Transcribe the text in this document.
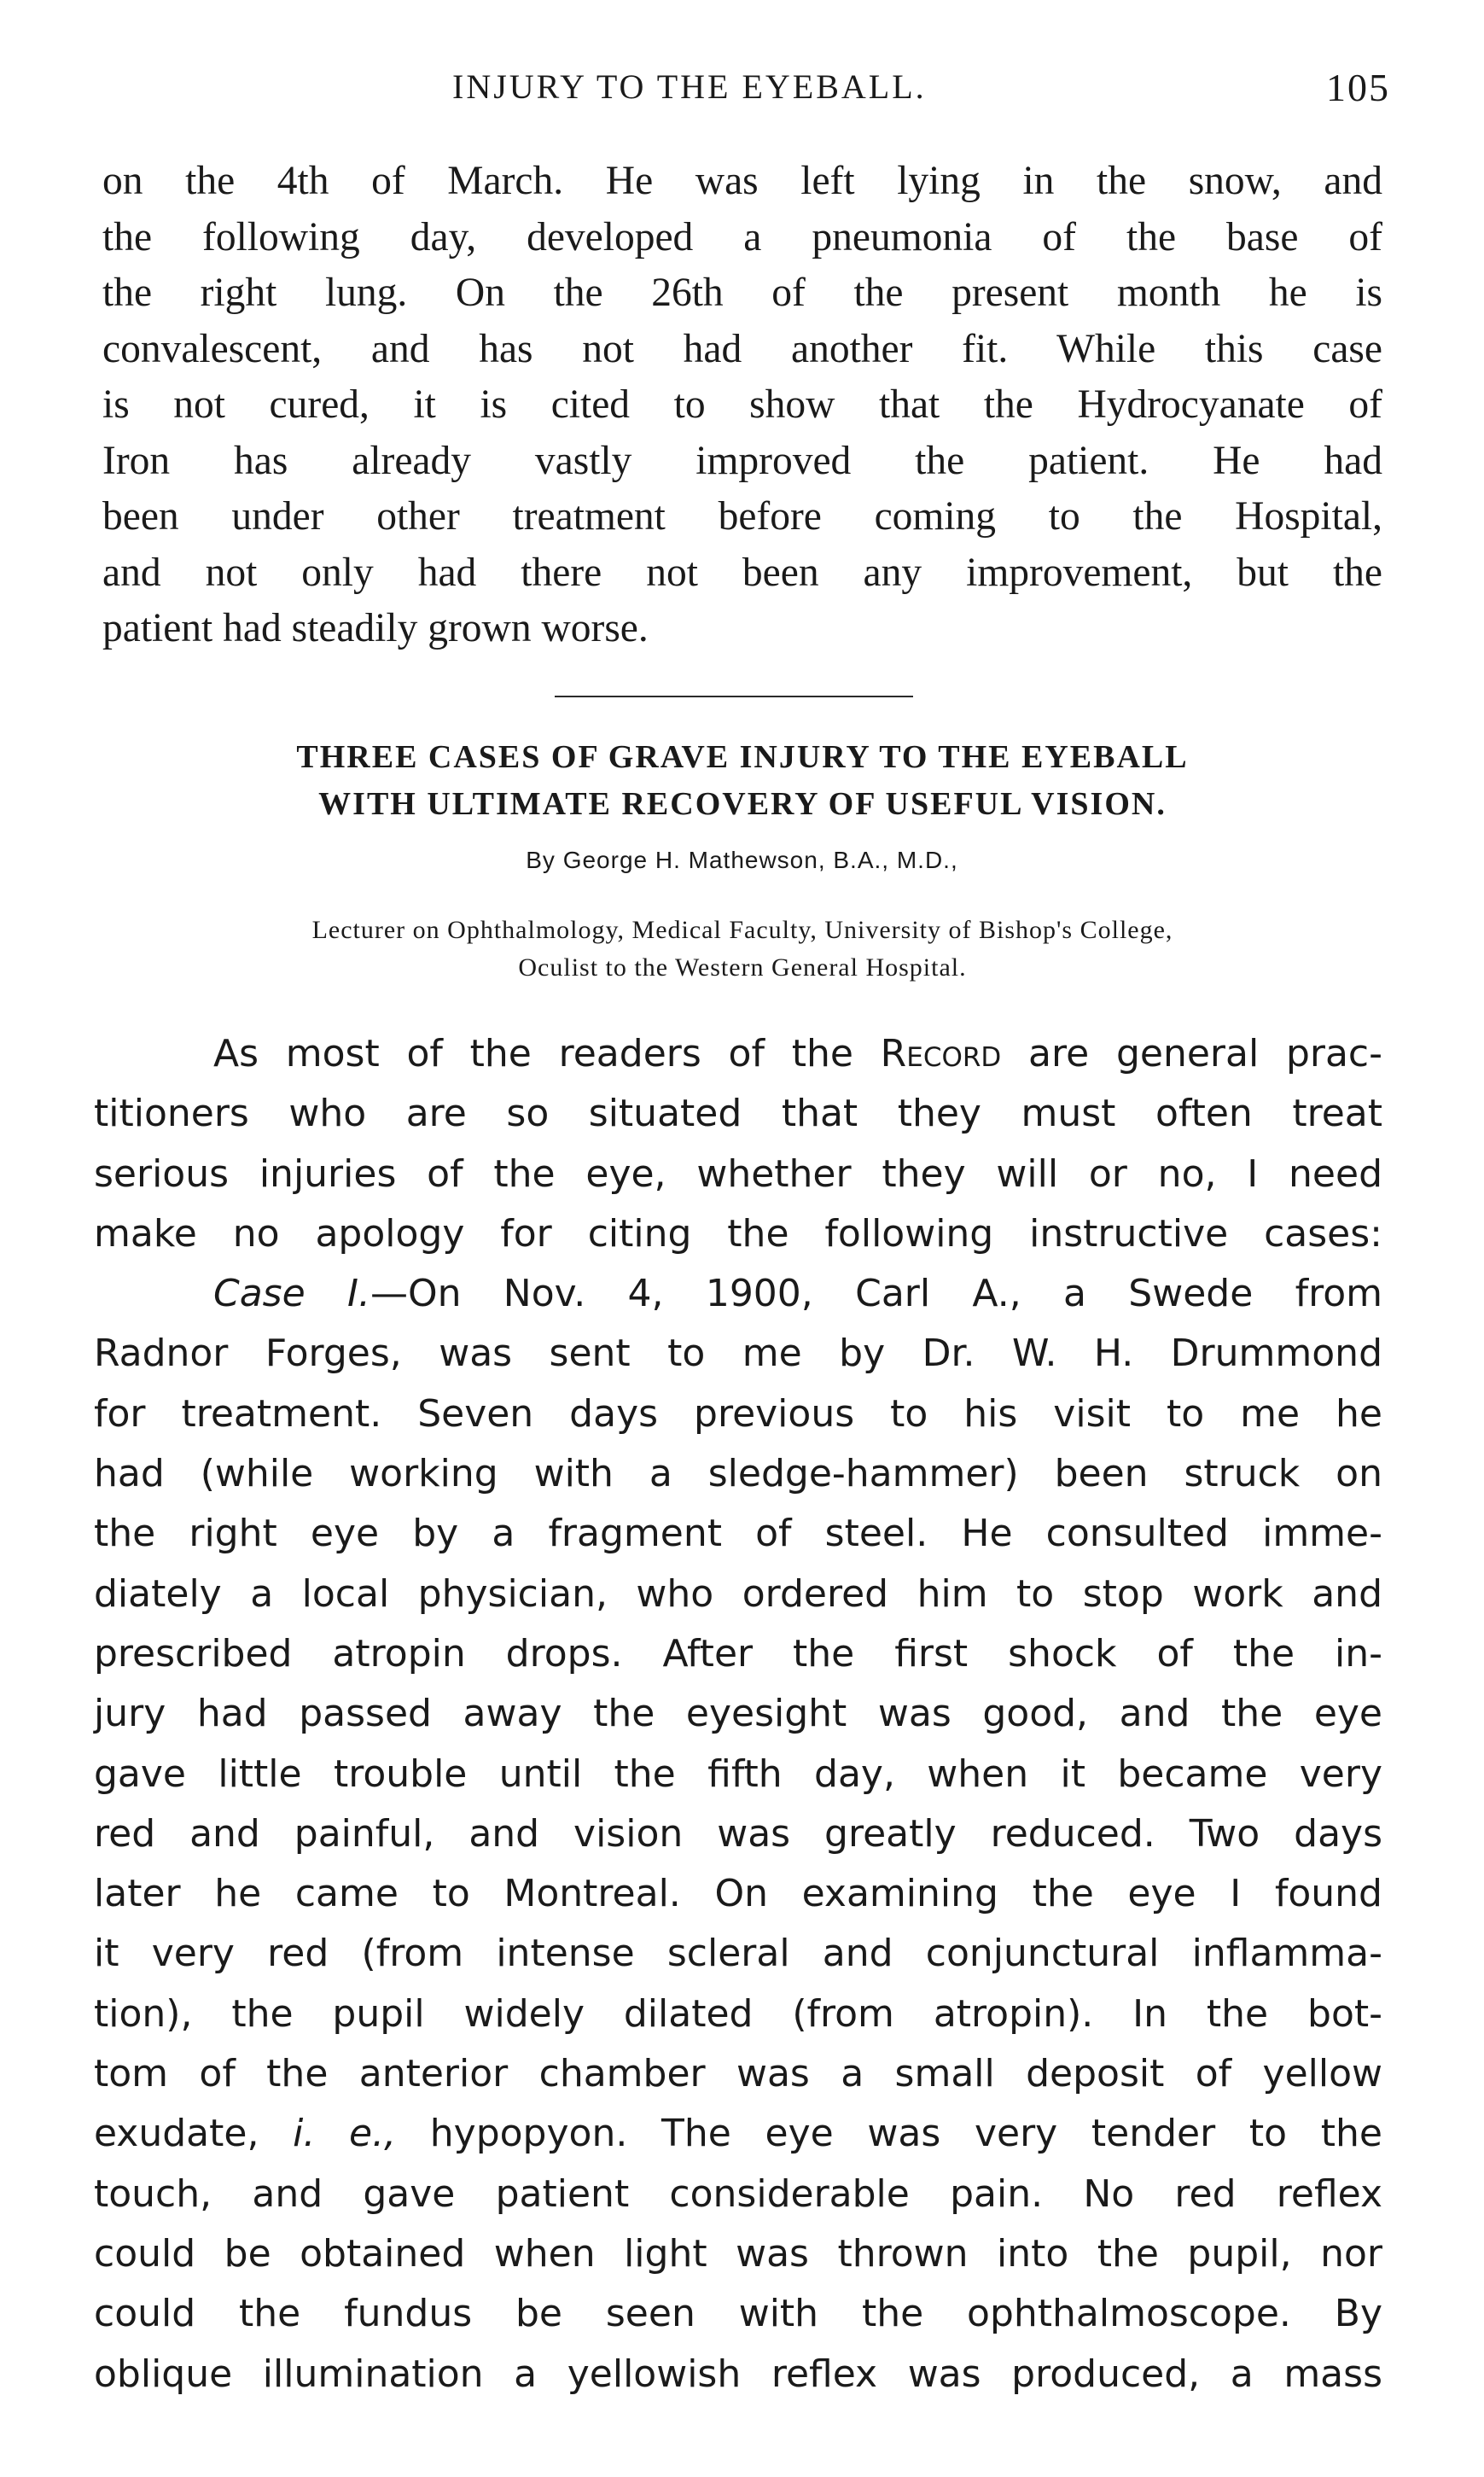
INJURY TO THE EYEBALL.	105
on the 4th of March. He was left lying in the snow, and
the following day, developed a pneumonia of the base of
the right lung. On the 26th of the present month he is
convalescent, and has not had another fit. While this case
is not cured, it is cited to show that the Hydrocyanate of
Iron has already vastly improved the patient. He had
been under other treatment before coming to the Hospital,
and not only had there not been any improvement, but the
patient had steadily grown worse.
THREE CASES OF GRAVE INJURY TO THE EYEBALL
WITH ULTIMATE RECOVERY OF USEFUL VISION.
By George H. Mathewson, B.A., M.D.,
Lecturer on Ophthalmology, Medical Faculty, University of Bishop's College,
Oculist to the Western General Hospital.
As most of the readers of the Record are general prac-
titioners who are so situated that they must often treat
serious injuries of the eye, whether they will or no, I need
make no apology for citing the following instructive cases:
Case I.—On Nov. 4, 1900, Carl A., a Swede from
Radnor Forges, was sent to me by Dr. W. H. Drummond
for treatment. Seven days previous to his visit to me he
had (while working with a sledge-hammer) been struck on
the right eye by a fragment of steel. He consulted imme-
diately a local physician, who ordered him to stop work and
prescribed atropin drops. After the first shock of the in-
jury had passed away the eyesight was good, and the eye
gave little trouble until the fifth day, when it became very
red and painful, and vision was greatly reduced. Two days
later he came to Montreal. On examining the eye I found
it very red (from intense scleral and conjunctural inflamma-
tion), the pupil widely dilated (from atropin). In the bot-
tom of the anterior chamber was a small deposit of yellow
exudate, i. e., hypopyon. The eye was very tender to the
touch, and gave patient considerable pain. No red reflex
could be obtained when light was thrown into the pupil, nor
could the fundus be seen with the ophthalmoscope. By
oblique illumination a yellowish reflex was produced, a mass
